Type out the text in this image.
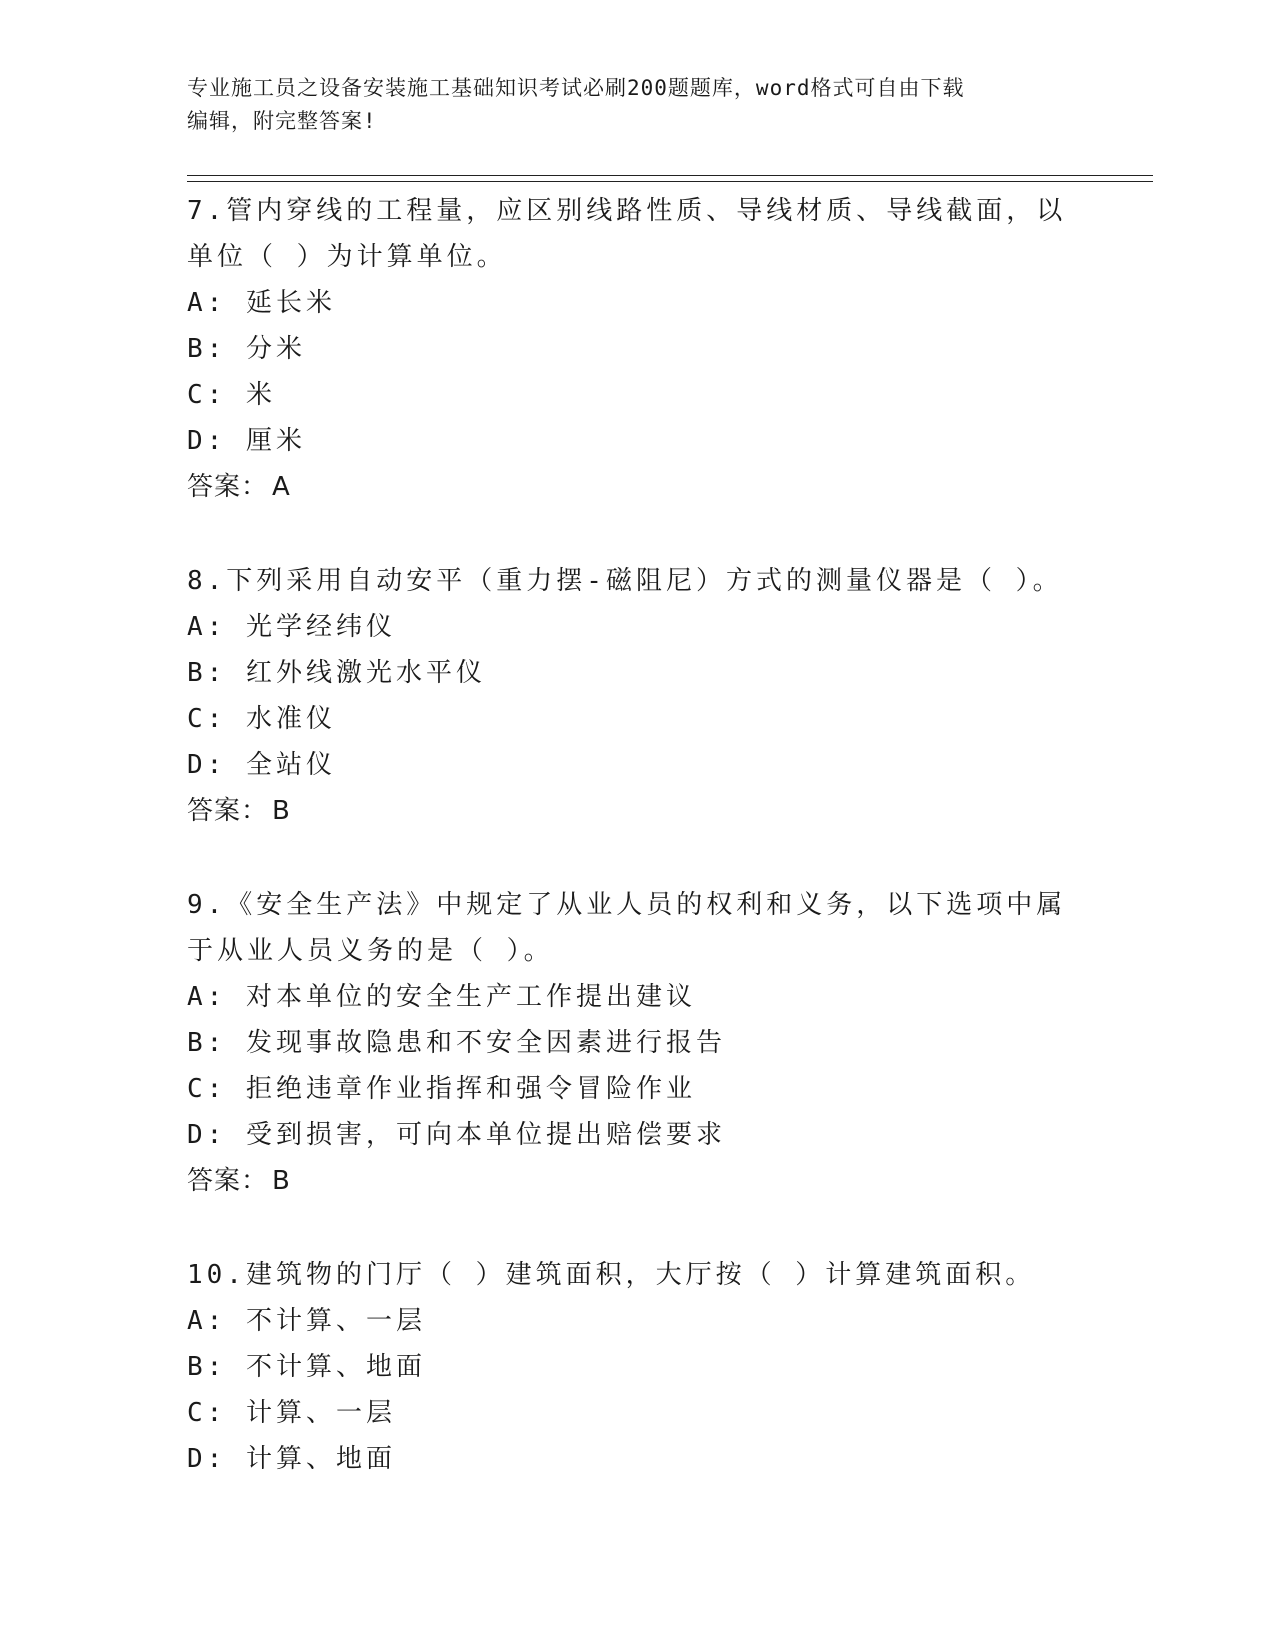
专业施工员之设备安装施工基础知识考试必刷200题题库，word格式可自由下载
编辑，附完整答案!
7.管内穿线的工程量，应区别线路性质、导线材质、导线截面，以单位（ ）为计算单位。
A: 延长米
B: 分米
C: 米
D: 厘米
答案： A
8.下列采用自动安平（重力摆-磁阻尼）方式的测量仪器是（ ）。
A: 光学经纬仪
B: 红外线激光水平仪
C: 水准仪
D: 全站仪
答案： B
9.《安全生产法》中规定了从业人员的权利和义务，以下选项中属于从业人员义务的是（ ）。
A: 对本单位的安全生产工作提出建议
B: 发现事故隐患和不安全因素进行报告
C: 拒绝违章作业指挥和强令冒险作业
D: 受到损害，可向本单位提出赔偿要求
答案： B
10.建筑物的门厅（ ）建筑面积，大厅按（ ）计算建筑面积。
A: 不计算、一层
B: 不计算、地面
C: 计算、一层
D: 计算、地面
